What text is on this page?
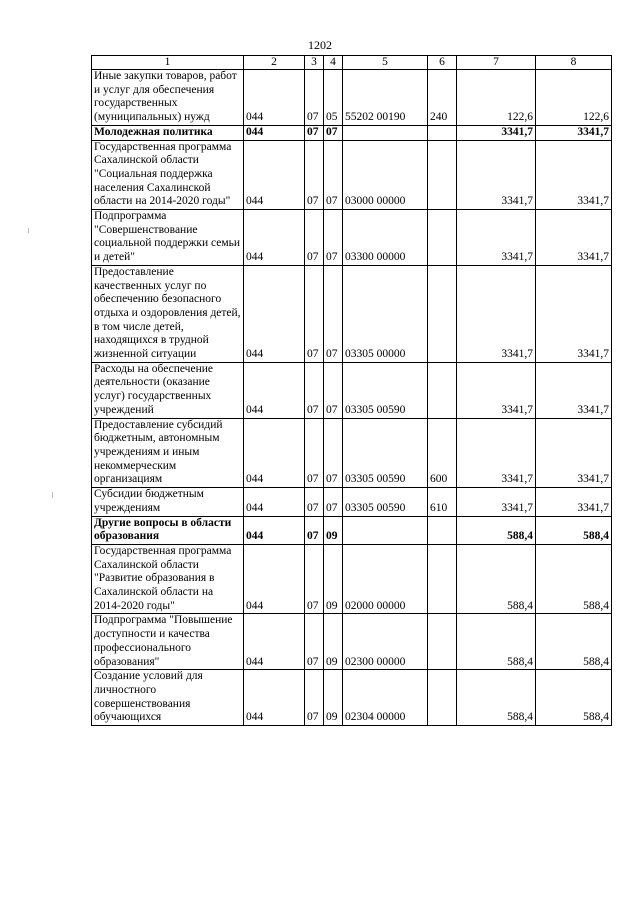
1202
1	2	3	4	5	6	7	8
Иные закупки товаров, работ и услуг для обеспечения государственных (муниципальных) нужд	044	07	05	55202 00190	240	122,6	122,6
Молодежная политика	044	07	07			3341,7	3341,7
Государственная программа Сахалинской области "Социальная поддержка населения Сахалинской области на 2014-2020 годы"	044	07	07	03000 00000		3341,7	3341,7
Подпрограмма "Совершенствование социальной поддержки семьи и детей"	044	07	07	03300 00000		3341,7	3341,7
Предоставление качественных услуг по обеспечению безопасного отдыха и оздоровления детей, в том числе детей, находящихся в трудной жизненной ситуации	044	07	07	03305 00000		3341,7	3341,7
Расходы на обеспечение деятельности (оказание услуг) государственных учреждений	044	07	07	03305 00590		3341,7	3341,7
Предоставление субсидий бюджетным, автономным учреждениям и иным некоммерческим организациям	044	07	07	03305 00590	600	3341,7	3341,7
Субсидии бюджетным учреждениям	044	07	07	03305 00590	610	3341,7	3341,7
Другие вопросы в области образования	044	07	09			588,4	588,4
Государственная программа Сахалинской области "Развитие образования в Сахалинской области на 2014-2020 годы"	044	07	09	02000 00000		588,4	588,4
Подпрограмма "Повышение доступности и качества профессионального образования"	044	07	09	02300 00000		588,4	588,4
Создание условий для личностного совершенствования обучающихся	044	07	09	02304 00000		588,4	588,4
